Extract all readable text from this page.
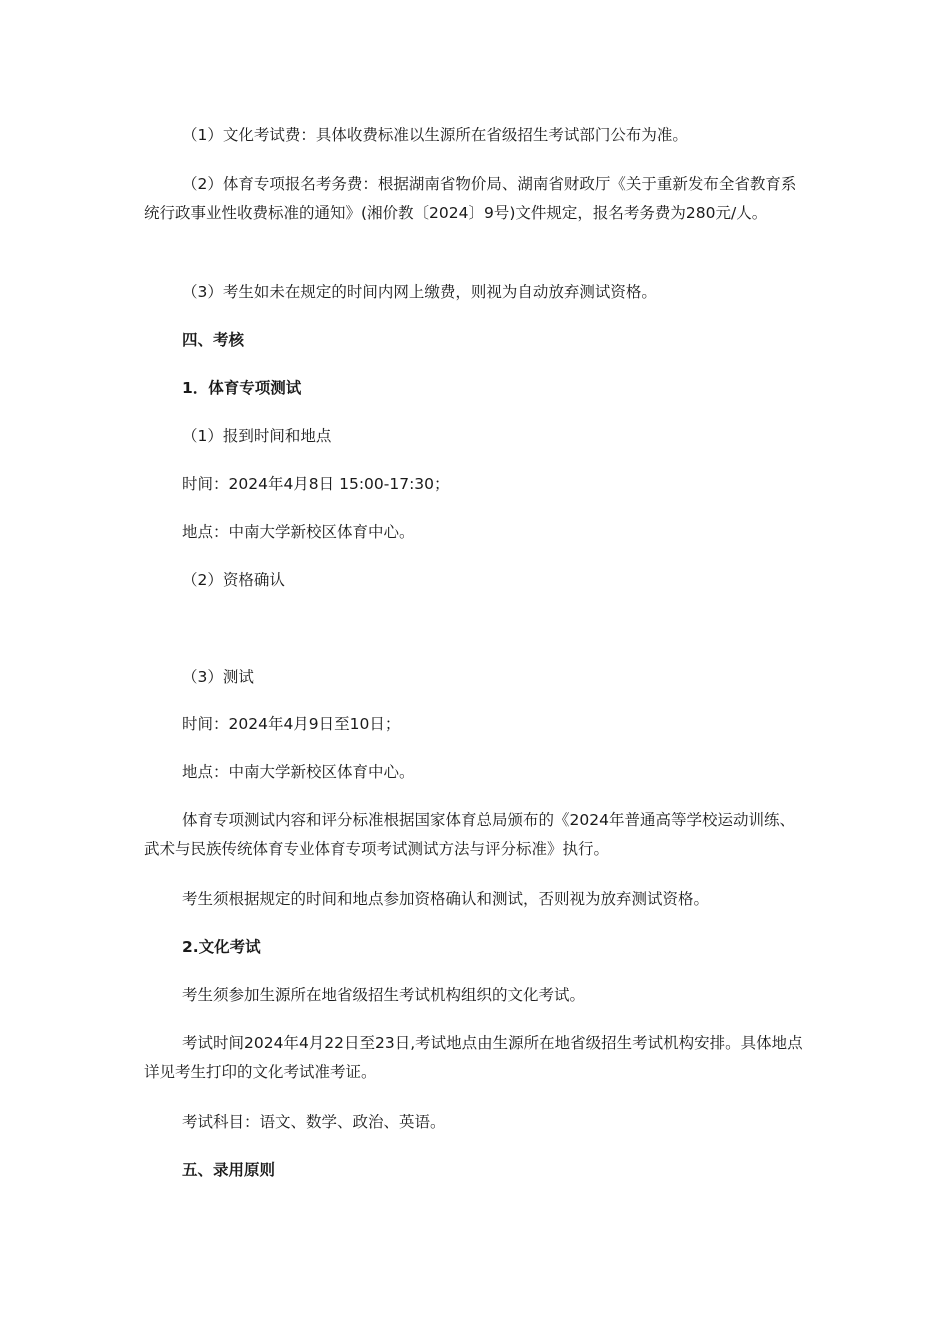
（1）文化考试费：具体收费标准以生源所在省级招生考试部门公布为准。

（2）体育专项报名考务费：根据湖南省物价局、湖南省财政厅《关于重新发布全省教育系统行政事业性收费标准的通知》(湘价教〔2024〕9号)文件规定，报名考务费为280元/人。

（3）考生如未在规定的时间内网上缴费，则视为自动放弃测试资格。

四、考核

1．体育专项测试

（1）报到时间和地点

时间：2024年4月8日 15:00-17:30；

地点：中南大学新校区体育中心。

（2）资格确认

（3）测试

时间：2024年4月9日至10日；

地点：中南大学新校区体育中心。

体育专项测试内容和评分标准根据国家体育总局颁布的《2024年普通高等学校运动训练、武术与民族传统体育专业体育专项考试测试方法与评分标准》执行。

考生须根据规定的时间和地点参加资格确认和测试，否则视为放弃测试资格。

2.文化考试

考生须参加生源所在地省级招生考试机构组织的文化考试。

考试时间2024年4月22日至23日,考试地点由生源所在地省级招生考试机构安排。具体地点详见考生打印的文化考试准考证。

考试科目：语文、数学、政治、英语。

五、录用原则
